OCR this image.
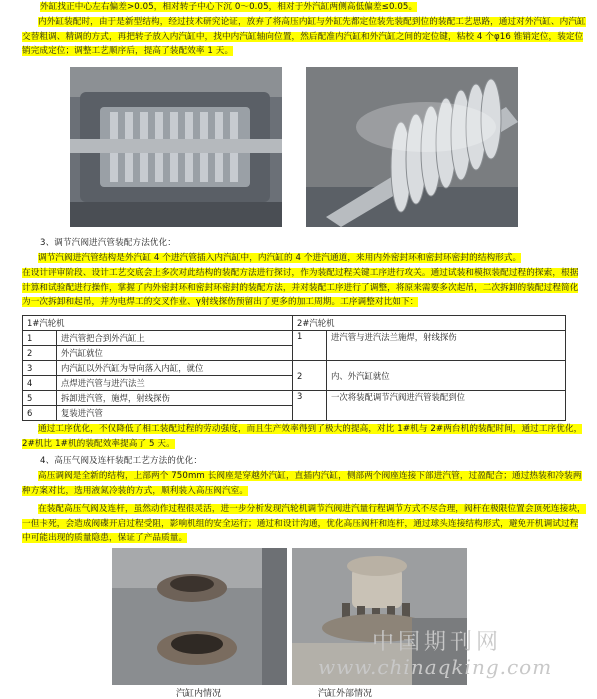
外缸找正中心左右偏差>0.05，相对转子中心下沉 0～0.05，相对于外汽缸两侧高低偏差≤0.05。
内外缸装配时，由于是新型结构，经过技术研究论证，放弃了将高压内缸与外缸先都定位装先装配到位的装配工艺思路，通过对外汽缸、内汽缸交替粗调、精调的方式，再把转子放入内汽缸中，找中内汽缸轴向位置，然后配准内汽缸和外汽缸之间的定位键，粘校 4 个φ16 锥销定位，装定位销完成定位；调整工艺顺序后，提高了装配效率 1 天。
3、调节汽阀进汽管装配方法优化：
调节汽阀进汽管结构是外汽缸 4 个进汽管插入内汽缸中，内汽缸的 4 个进汽通道，来用内外密封环和密封环密封的结构形式。
在设计评审阶段、设计工艺交底会上多次对此结构的装配方法进行探讨，作为装配过程关键工序进行攻关。通过试装和模拟装配过程的探索，根据计算和试验配进行操作，掌握了内外密封环和密封环密封的装配方法，并对装配工序进行了调整，将原来需要多次起吊，二次拆卸的装配过程简化为一次拆卸和起吊，并为电焊工的交叉作业、γ射线探伤预留出了更多的加工周期。工序调整对比如下：
1#汽轮机		2#汽轮机	
1	进汽管把合到外汽缸上	1	进汽管与进汽法兰施焊，射线探伤
2	外汽缸就位		
3	内汽缸以外汽缸为导向落入内缸，就位	2	内、外汽缸就位
4	点焊进汽管与进汽法兰		
5	拆卸进汽管，施焊，射线探伤	3	一次将装配调节汽阀进汽管装配到位
6	复装进汽管		
通过工序优化，不仅降低了相工装配过程的劳动强度，而且生产效率得到了极大的提高，对比 1#机与 2#两台机的装配时间，通过工序优化，2#机比 1#机的装配效率提高了 5 天。
4、高压气阀及连杆装配工艺方法的优化：
高压调阀是全新的结构，上部两个 750mm 长阀座是穿越外汽缸，直插内汽缸，侧部两个阀座连接下部进汽管，过盈配合；通过热装和冷装两种方案对比，选用液氮冷装的方式，顺利装入高压阀汽室。
在装配高压气阀及连杆，虽然动作过程很灵活，进一步分析发现汽轮机调节汽阀进汽量行程调节方式不尽合理，阀杆在极限位置会顶死连接块，一但卡死，会造成阀碟开启过程受阻，影响机组的安全运行；通过和设计沟通，优化高压阀杆和连杆，通过球头连接结构形式，避免开机调试过程中可能出现的质量隐患，保证了产品质量。
汽缸内情况	汽缸外部情况
中国期刊网
www.chinaqking.com
